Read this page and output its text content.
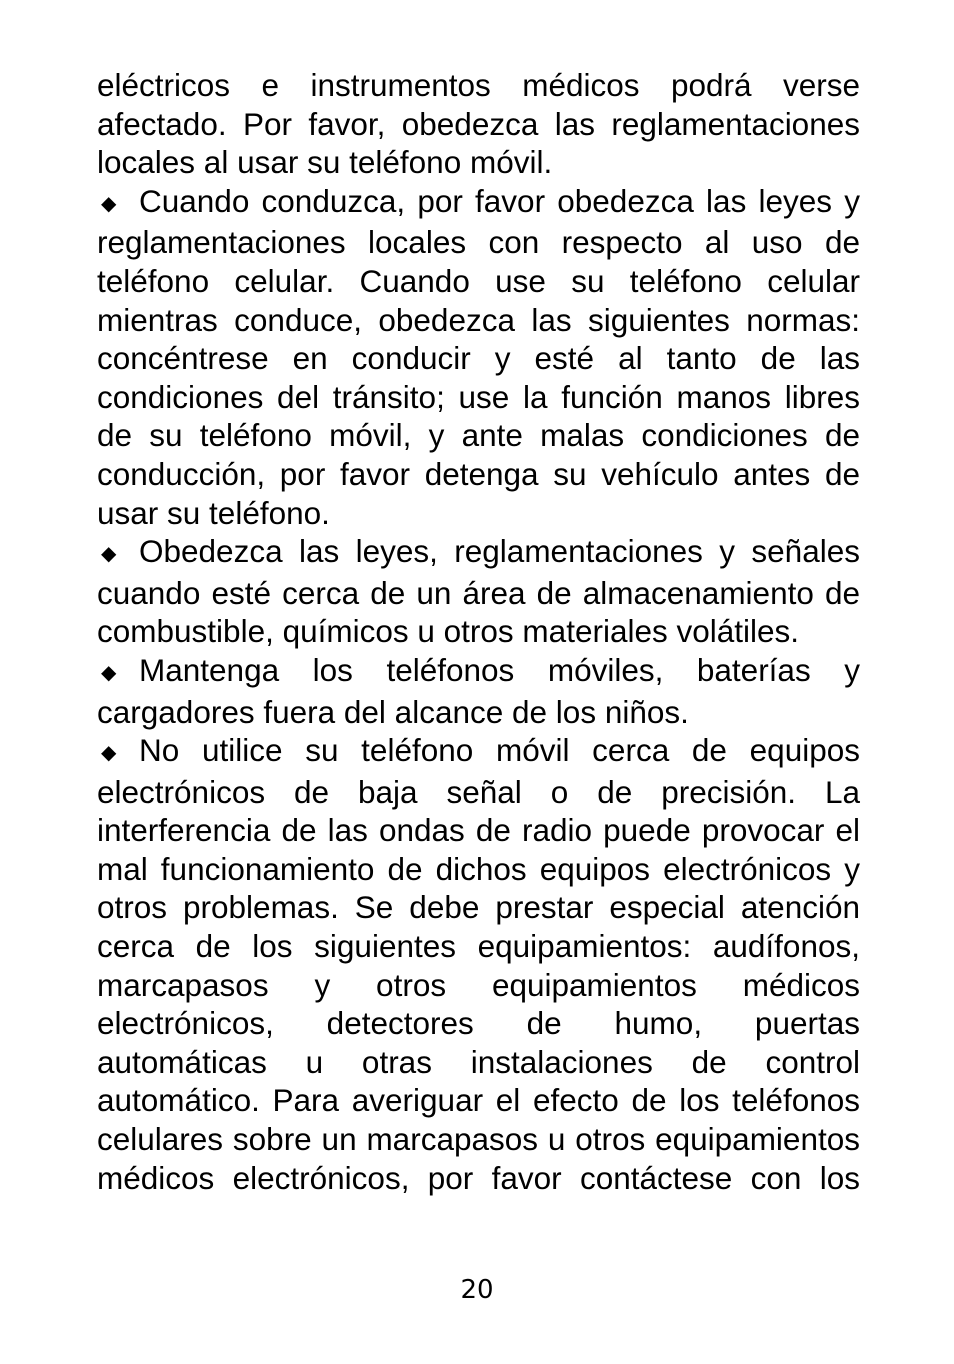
eléctricos e instrumentos médicos podrá verse afectado. Por favor, obedezca las reglamentaciones locales al usar su teléfono móvil.

◆ Cuando conduzca, por favor obedezca las leyes y reglamentaciones locales con respecto al uso de teléfono celular. Cuando use su teléfono celular mientras conduce, obedezca las siguientes normas: concéntrese en conducir y esté al tanto de las condiciones del tránsito; use la función manos libres de su teléfono móvil, y ante malas condiciones de conducción, por favor detenga su vehículo antes de usar su teléfono.

◆ Obedezca las leyes, reglamentaciones y señales cuando esté cerca de un área de almacenamiento de combustible, químicos u otros materiales volátiles.

◆ Mantenga los teléfonos móviles, baterías y cargadores fuera del alcance de los niños.

◆ No utilice su teléfono móvil cerca de equipos electrónicos de baja señal o de precisión. La interferencia de las ondas de radio puede provocar el mal funcionamiento de dichos equipos electrónicos y otros problemas. Se debe prestar especial atención cerca de los siguientes equipamientos: audífonos, marcapasos y otros equipamientos médicos electrónicos, detectores de humo, puertas automáticas u otras instalaciones de control automático. Para averiguar el efecto de los teléfonos celulares sobre un marcapasos u otros equipamientos médicos electrónicos, por favor contáctese con los

20
